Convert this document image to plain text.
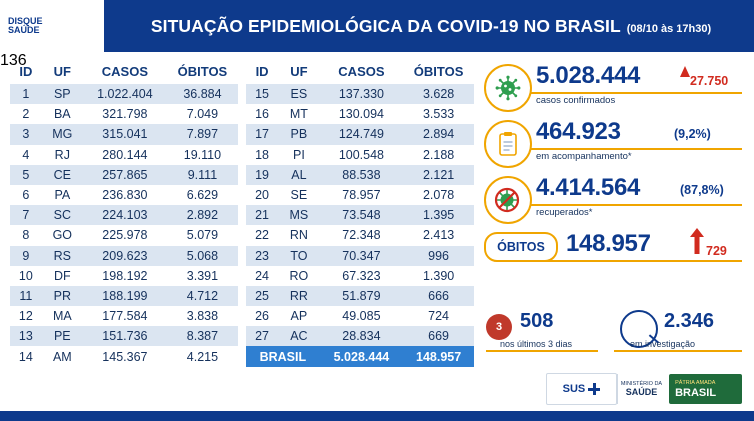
DISQUE
SAÚDE
136
SITUAÇÃO EPIDEMIOLÓGICA DA COVID-19 NO BRASIL (08/10 às 17h30)
ID	UF	CASOS	ÓBITOS
1	SP	1.022.404	36.884
2	BA	321.798	7.049
3	MG	315.041	7.897
4	RJ	280.144	19.110
5	CE	257.865	9.111
6	PA	236.830	6.629
7	SC	224.103	2.892
8	GO	225.978	5.079
9	RS	209.623	5.068
10	DF	198.192	3.391
11	PR	188.199	4.712
12	MA	177.584	3.838
13	PE	151.736	8.387
14	AM	145.367	4.215
ID	UF	CASOS	ÓBITOS
15	ES	137.330	3.628
16	MT	130.094	3.533
17	PB	124.749	2.894
18	PI	100.548	2.188
19	AL	88.538	2.121
20	SE	78.957	2.078
21	MS	73.548	1.395
22	RN	72.348	2.413
23	TO	70.347	996
24	RO	67.323	1.390
25	RR	51.879	666
26	AP	49.085	724
27	AC	28.834	669
BRASIL		5.028.444	148.957
5.028.444	27.750
casos confirmados
464.923	(9,2%)
em acompanhamento*
4.414.564	(87,8%)
recuperados*
ÓBITOS 148.957	729
3 508
nos últimos 3 dias
2.346
em investigação
SUS	MINISTÉRIO DA
SAÚDE
PÁTRIA AMADA
BRASIL
